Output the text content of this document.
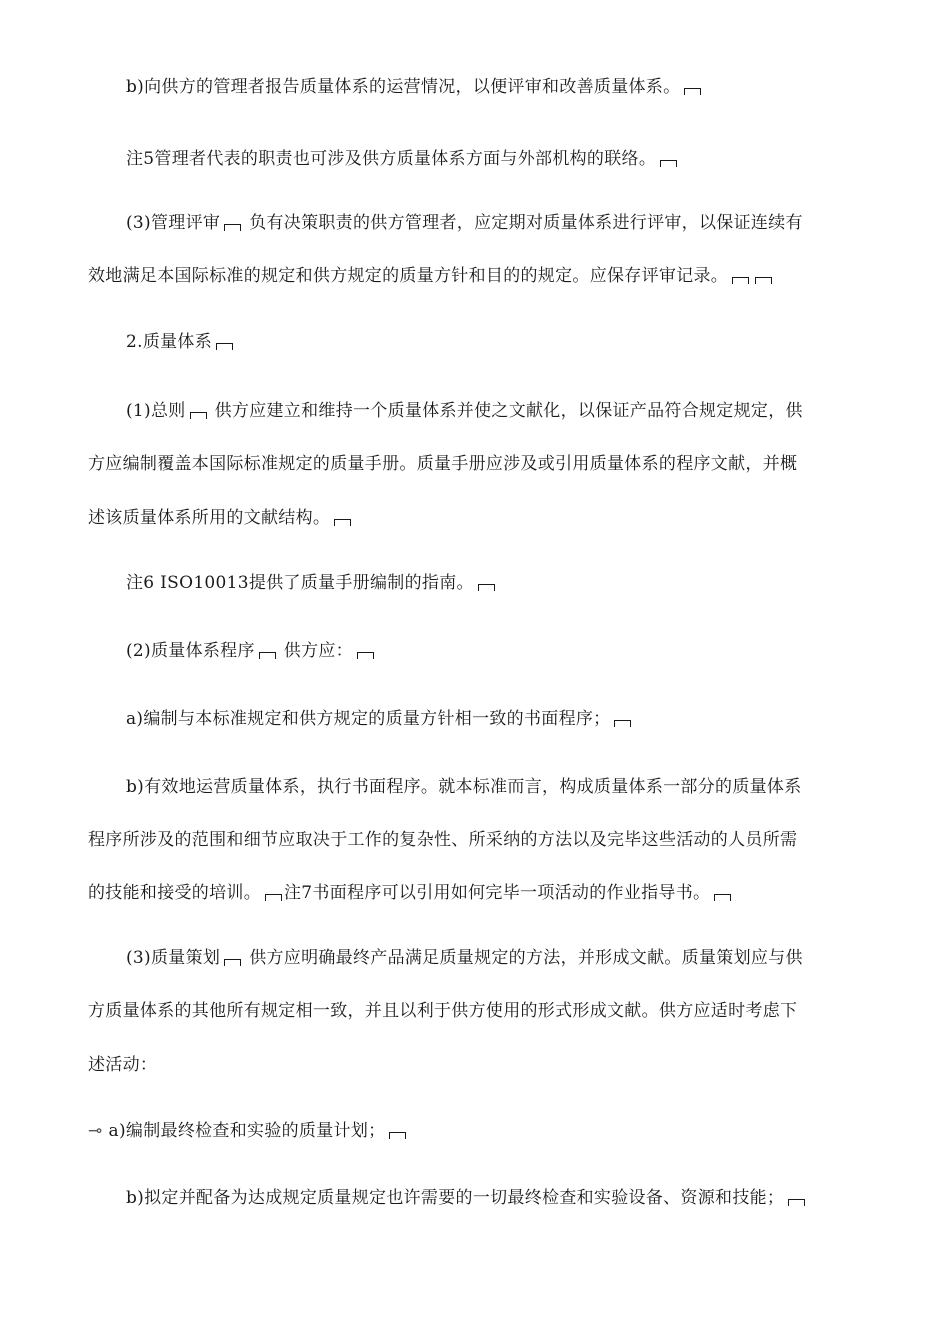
b)向供方的管理者报告质量体系的运营情况，以便评审和改善质量体系。
注5管理者代表的职责也可涉及供方质量体系方面与外部机构的联络。
(3)管理评审 负有决策职责的供方管理者，应定期对质量体系进行评审，以保证连续有
效地满足本国际标准的规定和供方规定的质量方针和目的的规定。应保存评审记录。
2.质量体系
(1)总则 供方应建立和维持一个质量体系并使之文献化，以保证产品符合规定规定，供
方应编制覆盖本国际标准规定的质量手册。质量手册应涉及或引用质量体系的程序文献，并概
述该质量体系所用的文献结构。
注6 ISO10013提供了质量手册编制的指南。
(2)质量体系程序 供方应：
a)编制与本标准规定和供方规定的质量方针相一致的书面程序；
b)有效地运营质量体系，执行书面程序。就本标准而言，构成质量体系一部分的质量体系
程序所涉及的范围和细节应取决于工作的复杂性、所采纳的方法以及完毕这些活动的人员所需
的技能和接受的培训。 注7书面程序可以引用如何完毕一项活动的作业指导书。
(3)质量策划 供方应明确最终产品满足质量规定的方法，并形成文献。质量策划应与供
方质量体系的其他所有规定相一致，并且以利于供方使用的形式形成文献。供方应适时考虑下
述活动：
⊸ a)编制最终检查和实验的质量计划；
b)拟定并配备为达成规定质量规定也许需要的一切最终检查和实验设备、资源和技能；
